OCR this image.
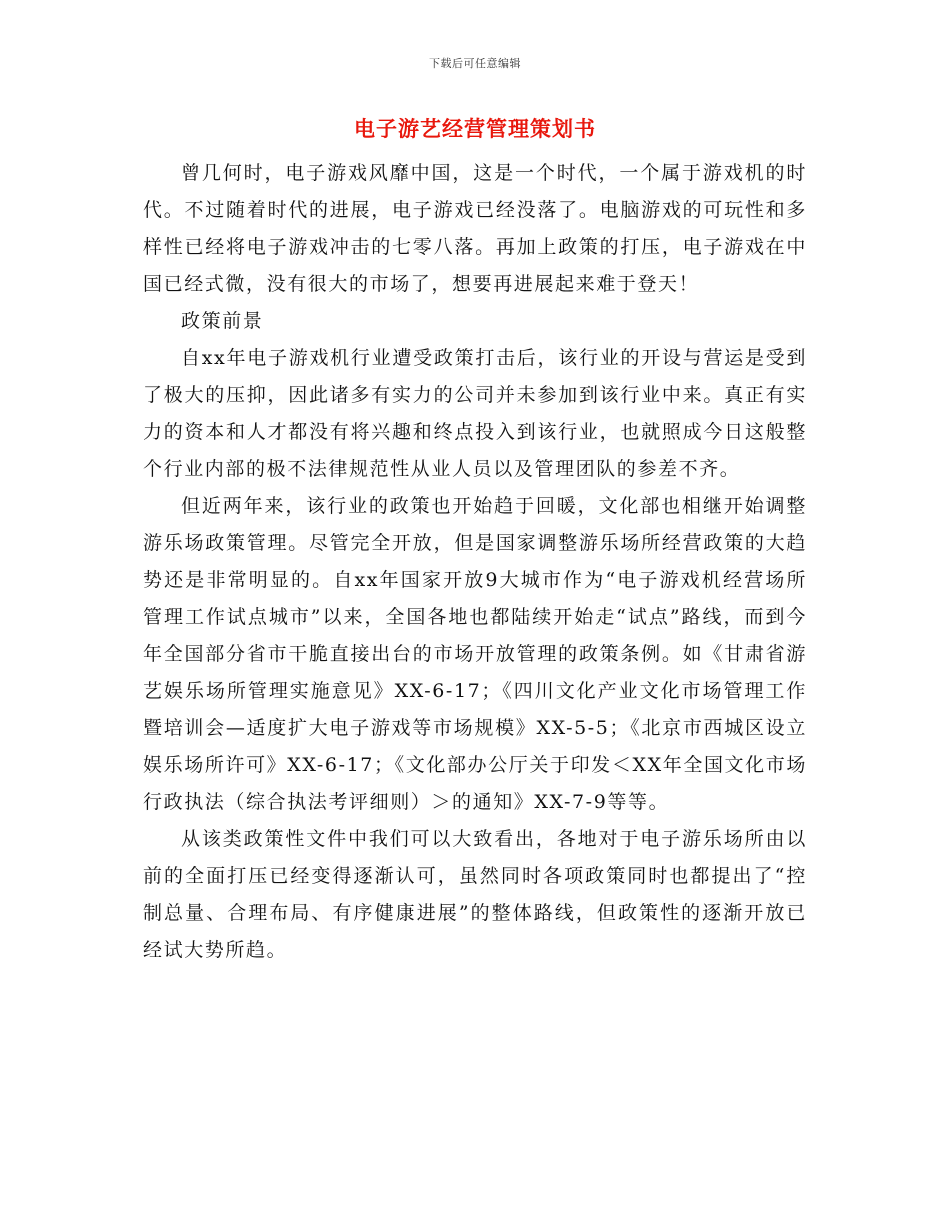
下载后可任意编辑
电子游艺经营管理策划书

曾几何时，电子游戏风靡中国，这是一个时代，一个属于游戏机的时代。不过随着时代的进展，电子游戏已经没落了。电脑游戏的可玩性和多样性已经将电子游戏冲击的七零八落。再加上政策的打压，电子游戏在中国已经式微，没有很大的市场了，想要再进展起来难于登天！

政策前景

自xx年电子游戏机行业遭受政策打击后，该行业的开设与营运是受到了极大的压抑，因此诸多有实力的公司并未参加到该行业中来。真正有实力的资本和人才都没有将兴趣和终点投入到该行业，也就照成今日这般整个行业内部的极不法律规范性从业人员以及管理团队的参差不齐。

但近两年来，该行业的政策也开始趋于回暖，文化部也相继开始调整游乐场政策管理。尽管完全开放，但是国家调整游乐场所经营政策的大趋势还是非常明显的。自xx年国家开放9大城市作为“电子游戏机经营场所管理工作试点城市”以来，全国各地也都陆续开始走“试点”路线，而到今年全国部分省市干脆直接出台的市场开放管理的政策条例。如《甘肃省游艺娱乐场所管理实施意见》XX-6-17；《四川文化产业文化市场管理工作暨培训会—适度扩大电子游戏等市场规模》XX-5-5；《北京市西城区设立娱乐场所许可》XX-6-17；《文化部办公厅关于印发＜XX年全国文化市场行政执法（综合执法考评细则）＞的通知》XX-7-9等等。

从该类政策性文件中我们可以大致看出，各地对于电子游乐场所由以前的全面打压已经变得逐渐认可，虽然同时各项政策同时也都提出了“控制总量、合理布局、有序健康进展”的整体路线，但政策性的逐渐开放已经试大势所趋。
